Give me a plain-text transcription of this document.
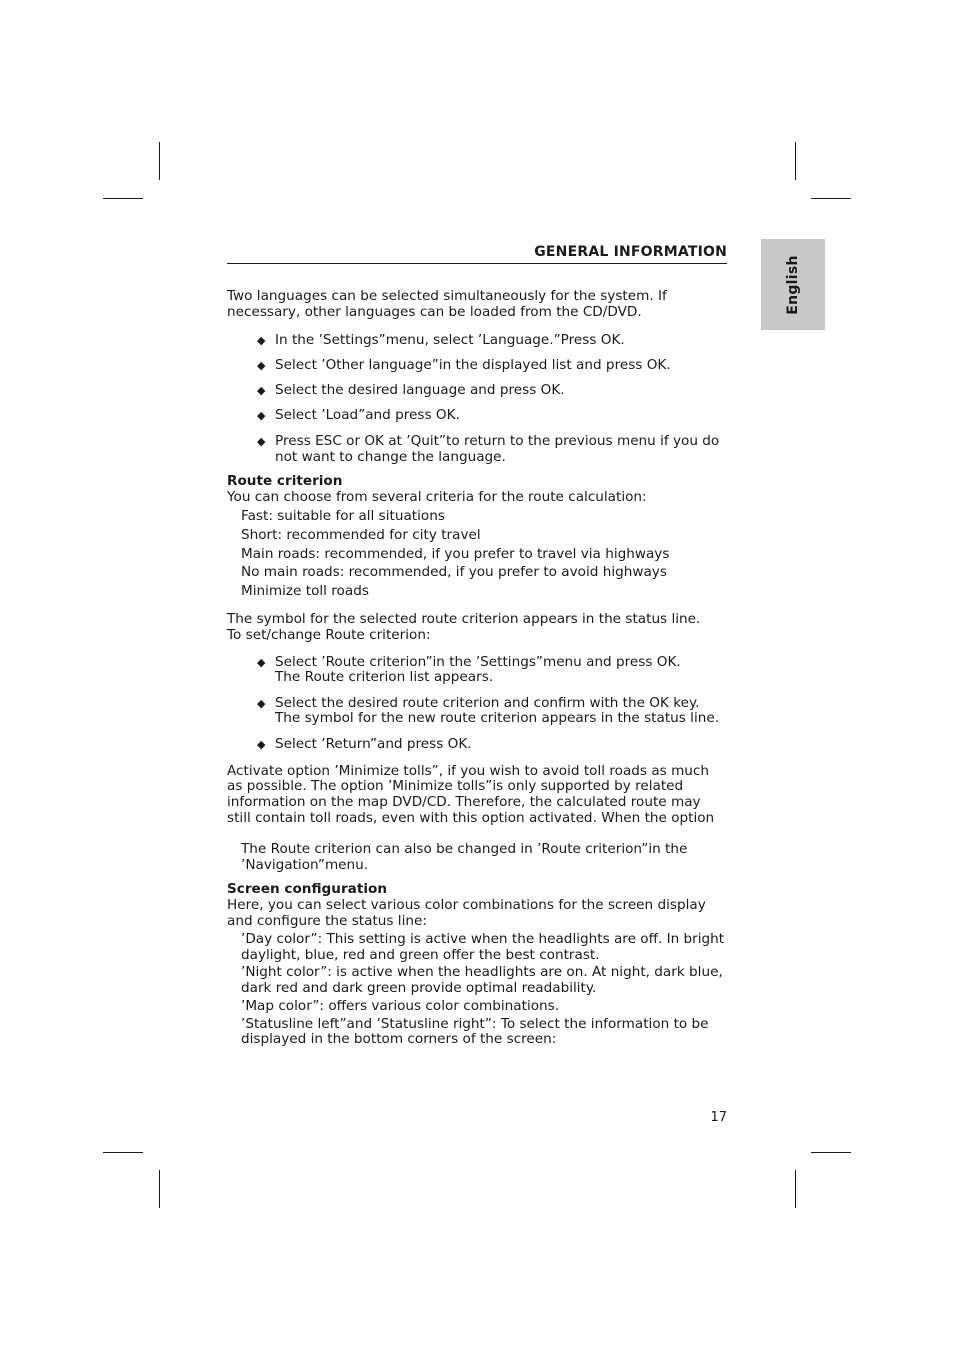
English
GENERAL INFORMATION

Two languages can be selected simultaneously for the system. If necessary, other languages can be loaded from the CD/DVD.

◆ In the ’Settings”menu, select ’Language.”Press OK.
◆ Select ’Other language”in the displayed list and press OK.
◆ Select the desired language and press OK.
◆ Select ’Load”and press OK.
◆ Press ESC or OK at ’Quit”to return to the previous menu if you do not want to change the language.

Route criterion

You can choose from several criteria for the route calculation:

Fast: suitable for all situations
Short: recommended for city travel
Main roads: recommended, if you prefer to travel via highways
No main roads: recommended, if you prefer to avoid highways
Minimize toll roads

The symbol for the selected route criterion appears in the status line.

To set/change Route criterion:

◆ Select ’Route criterion”in the ’Settings”menu and press OK.
The Route criterion list appears.
◆ Select the desired route criterion and confirm with the OK key.
The symbol for the new route criterion appears in the status line.
◆ Select ’Return”and press OK.

Activate option ’Minimize tolls”, if you wish to avoid toll roads as much as possible. The option ’Minimize tolls”is only supported by related information on the map DVD/CD. Therefore, the calculated route may still contain toll roads, even with this option activated. When the option

The Route criterion can also be changed in ’Route criterion”in the ’Navigation”menu.

Screen configuration

Here, you can select various color combinations for the screen display and configure the status line:

’Day color”: This setting is active when the headlights are off. In bright daylight, blue, red and green offer the best contrast.
’Night color”: is active when the headlights are on. At night, dark blue, dark red and dark green provide optimal readability.
’Map color”: offers various color combinations.
’Statusline left”and ’Statusline right”: To select the information to be displayed in the bottom corners of the screen:
17
